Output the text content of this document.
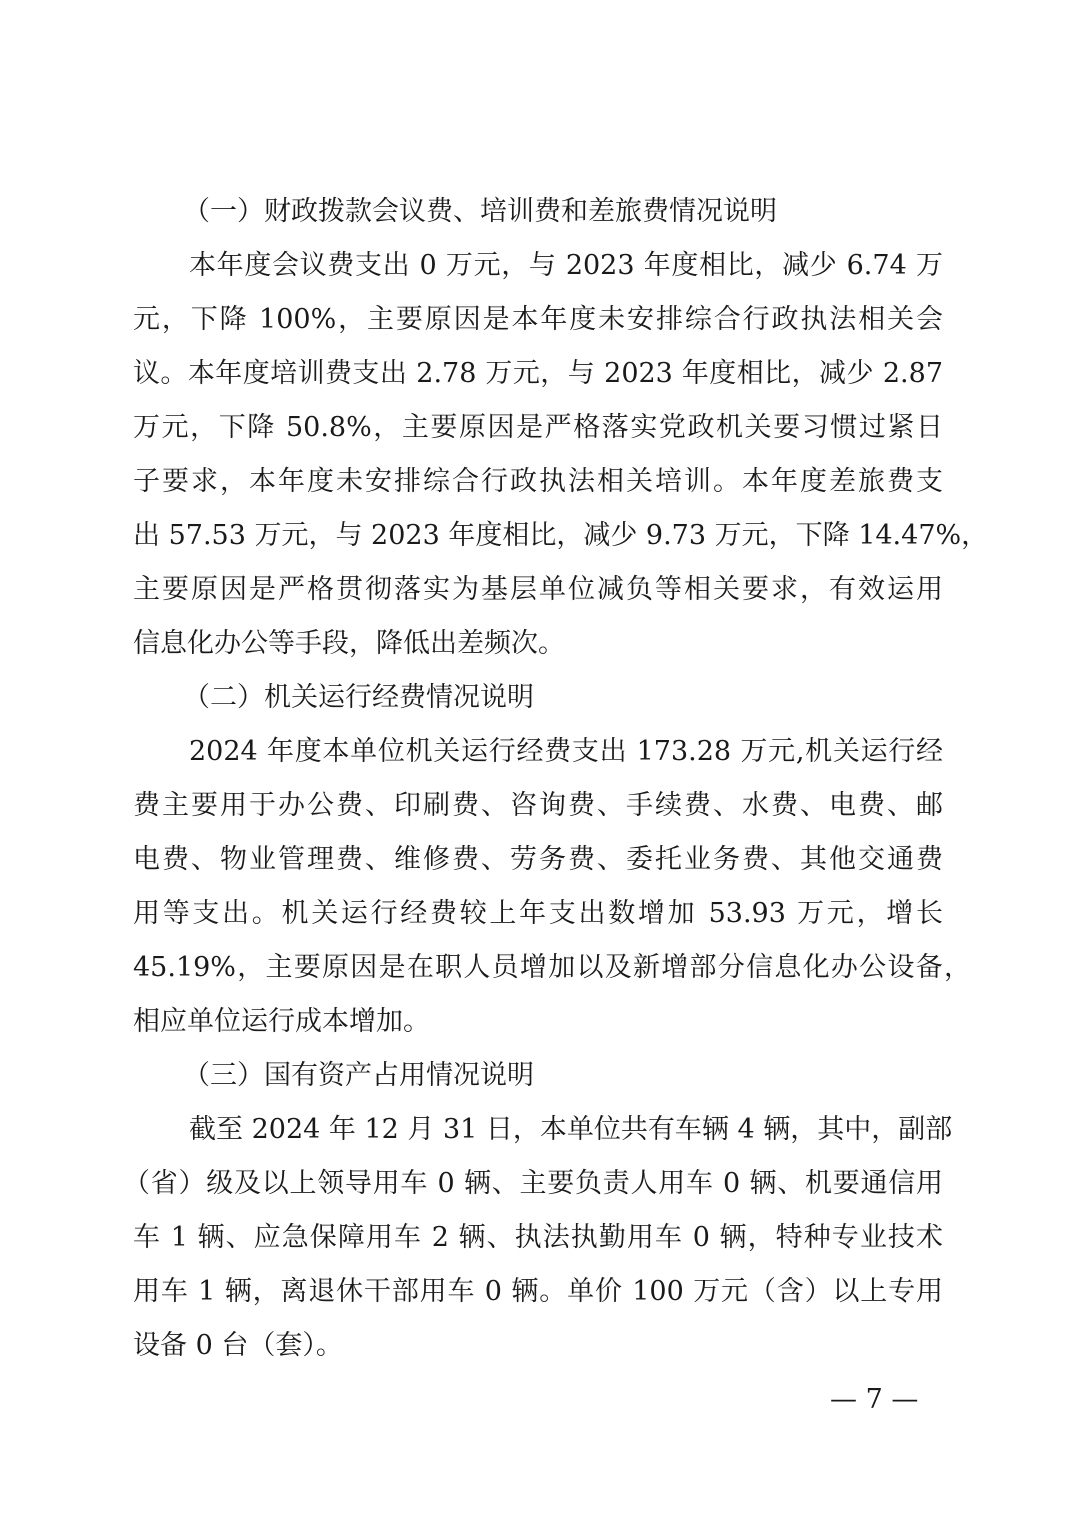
（一）财政拨款会议费、培训费和差旅费情况说明
本年度会议费支出 0 万元，与 2023 年度相比，减少 6.74 万
元，下降 100%，主要原因是本年度未安排综合行政执法相关会
议。本年度培训费支出 2.78 万元，与 2023 年度相比，减少 2.87
万元，下降 50.8%，主要原因是严格落实党政机关要习惯过紧日
子要求，本年度未安排综合行政执法相关培训。本年度差旅费支
出 57.53 万元，与 2023 年度相比，减少 9.73 万元，下降 14.47%，
主要原因是严格贯彻落实为基层单位减负等相关要求，有效运用
信息化办公等手段，降低出差频次。
（二）机关运行经费情况说明
2024 年度本单位机关运行经费支出 173.28 万元,机关运行经
费主要用于办公费、印刷费、咨询费、手续费、水费、电费、邮
电费、物业管理费、维修费、劳务费、委托业务费、其他交通费
用等支出。机关运行经费较上年支出数增加 53.93 万元，增长
45.19%，主要原因是在职人员增加以及新增部分信息化办公设备，
相应单位运行成本增加。
（三）国有资产占用情况说明
截至 2024 年 12 月 31 日，本单位共有车辆 4 辆，其中，副部
（省）级及以上领导用车 0 辆、主要负责人用车 0 辆、机要通信用
车 1 辆、应急保障用车 2 辆、执法执勤用车 0 辆，特种专业技术
用车 1 辆，离退休干部用车 0 辆。单价 100 万元（含）以上专用
设备 0 台（套）。
— 7 —
